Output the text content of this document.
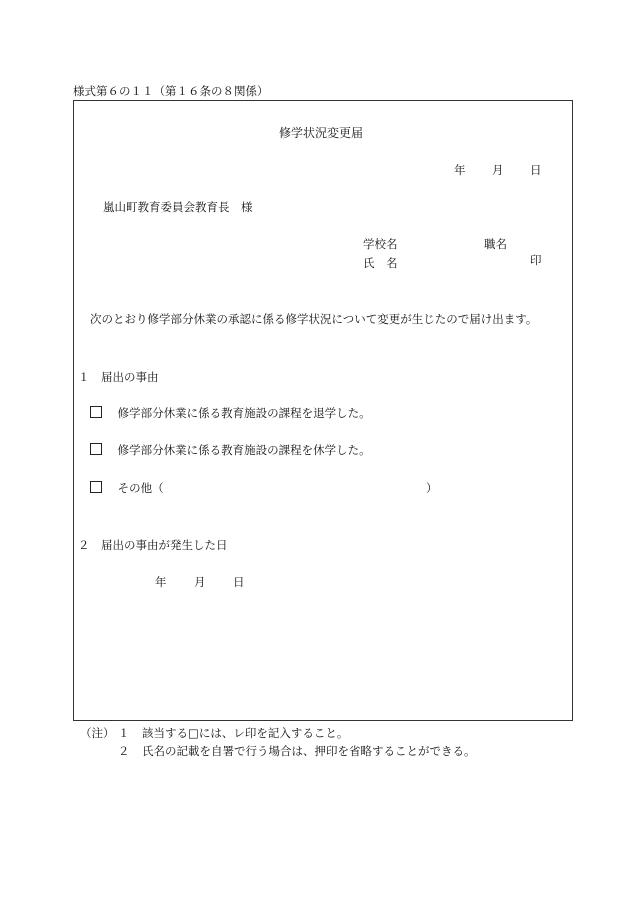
様式第６の１１（第１６条の８関係）
修学状況変更届
年 月 日
嵐山町教育委員会教育長　様
学校名	職名
氏　名	印
次のとおり修学部分休業の承認に係る修学状況について変更が生じたので届け出ます。
１　届出の事由
修学部分休業に係る教育施設の課程を退学した。
修学部分休業に係る教育施設の課程を休学した。
その他（	）
２　届出の事由が発生した日
年 月 日
（注） １ 該当する□には、レ印を記入すること。
２ 氏名の記載を自署で行う場合は、押印を省略することができる。
